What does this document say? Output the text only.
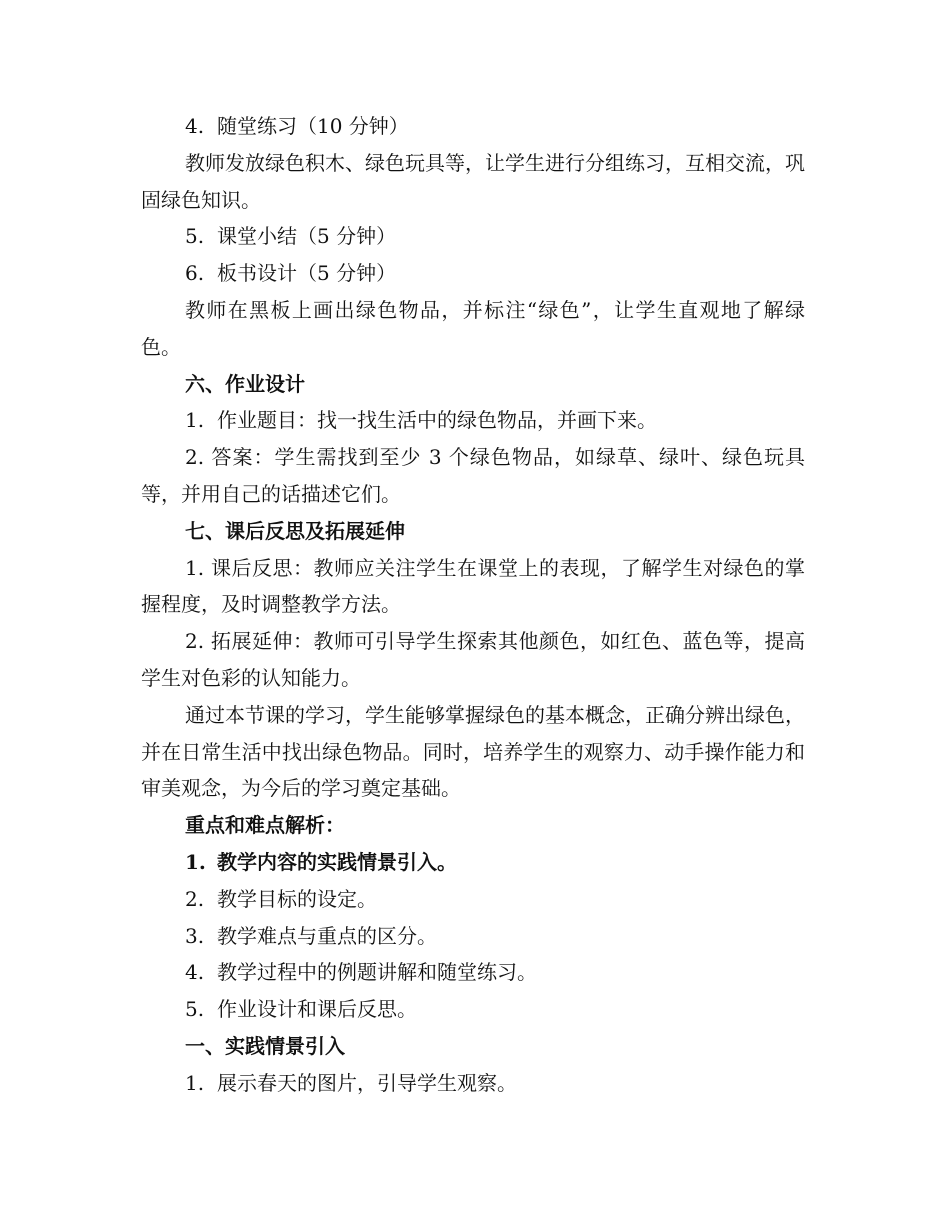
4. 随堂练习（10 分钟）

教师发放绿色积木、绿色玩具等，让学生进行分组练习，互相交流，巩固绿色知识。

5. 课堂小结（5 分钟）
6. 板书设计（5 分钟）

教师在黑板上画出绿色物品，并标注“绿色”，让学生直观地了解绿色。

六、作业设计
1. 作业题目：找一找生活中的绿色物品，并画下来。

2. 答案：学生需找到至少 3 个绿色物品，如绿草、绿叶、绿色玩具等，并用自己的话描述它们。

七、课后反思及拓展延伸

1. 课后反思：教师应关注学生在课堂上的表现，了解学生对绿色的掌握程度，及时调整教学方法。

2. 拓展延伸：教师可引导学生探索其他颜色，如红色、蓝色等，提高学生对色彩的认知能力。

通过本节课的学习，学生能够掌握绿色的基本概念，正确分辨出绿色，并在日常生活中找出绿色物品。同时，培养学生的观察力、动手操作能力和审美观念，为今后的学习奠定基础。

重点和难点解析：
1. 教学内容的实践情景引入。
2. 教学目标的设定。
3. 教学难点与重点的区分。
4. 教学过程中的例题讲解和随堂练习。
5. 作业设计和课后反思。
一、实践情景引入
1. 展示春天的图片，引导学生观察。
